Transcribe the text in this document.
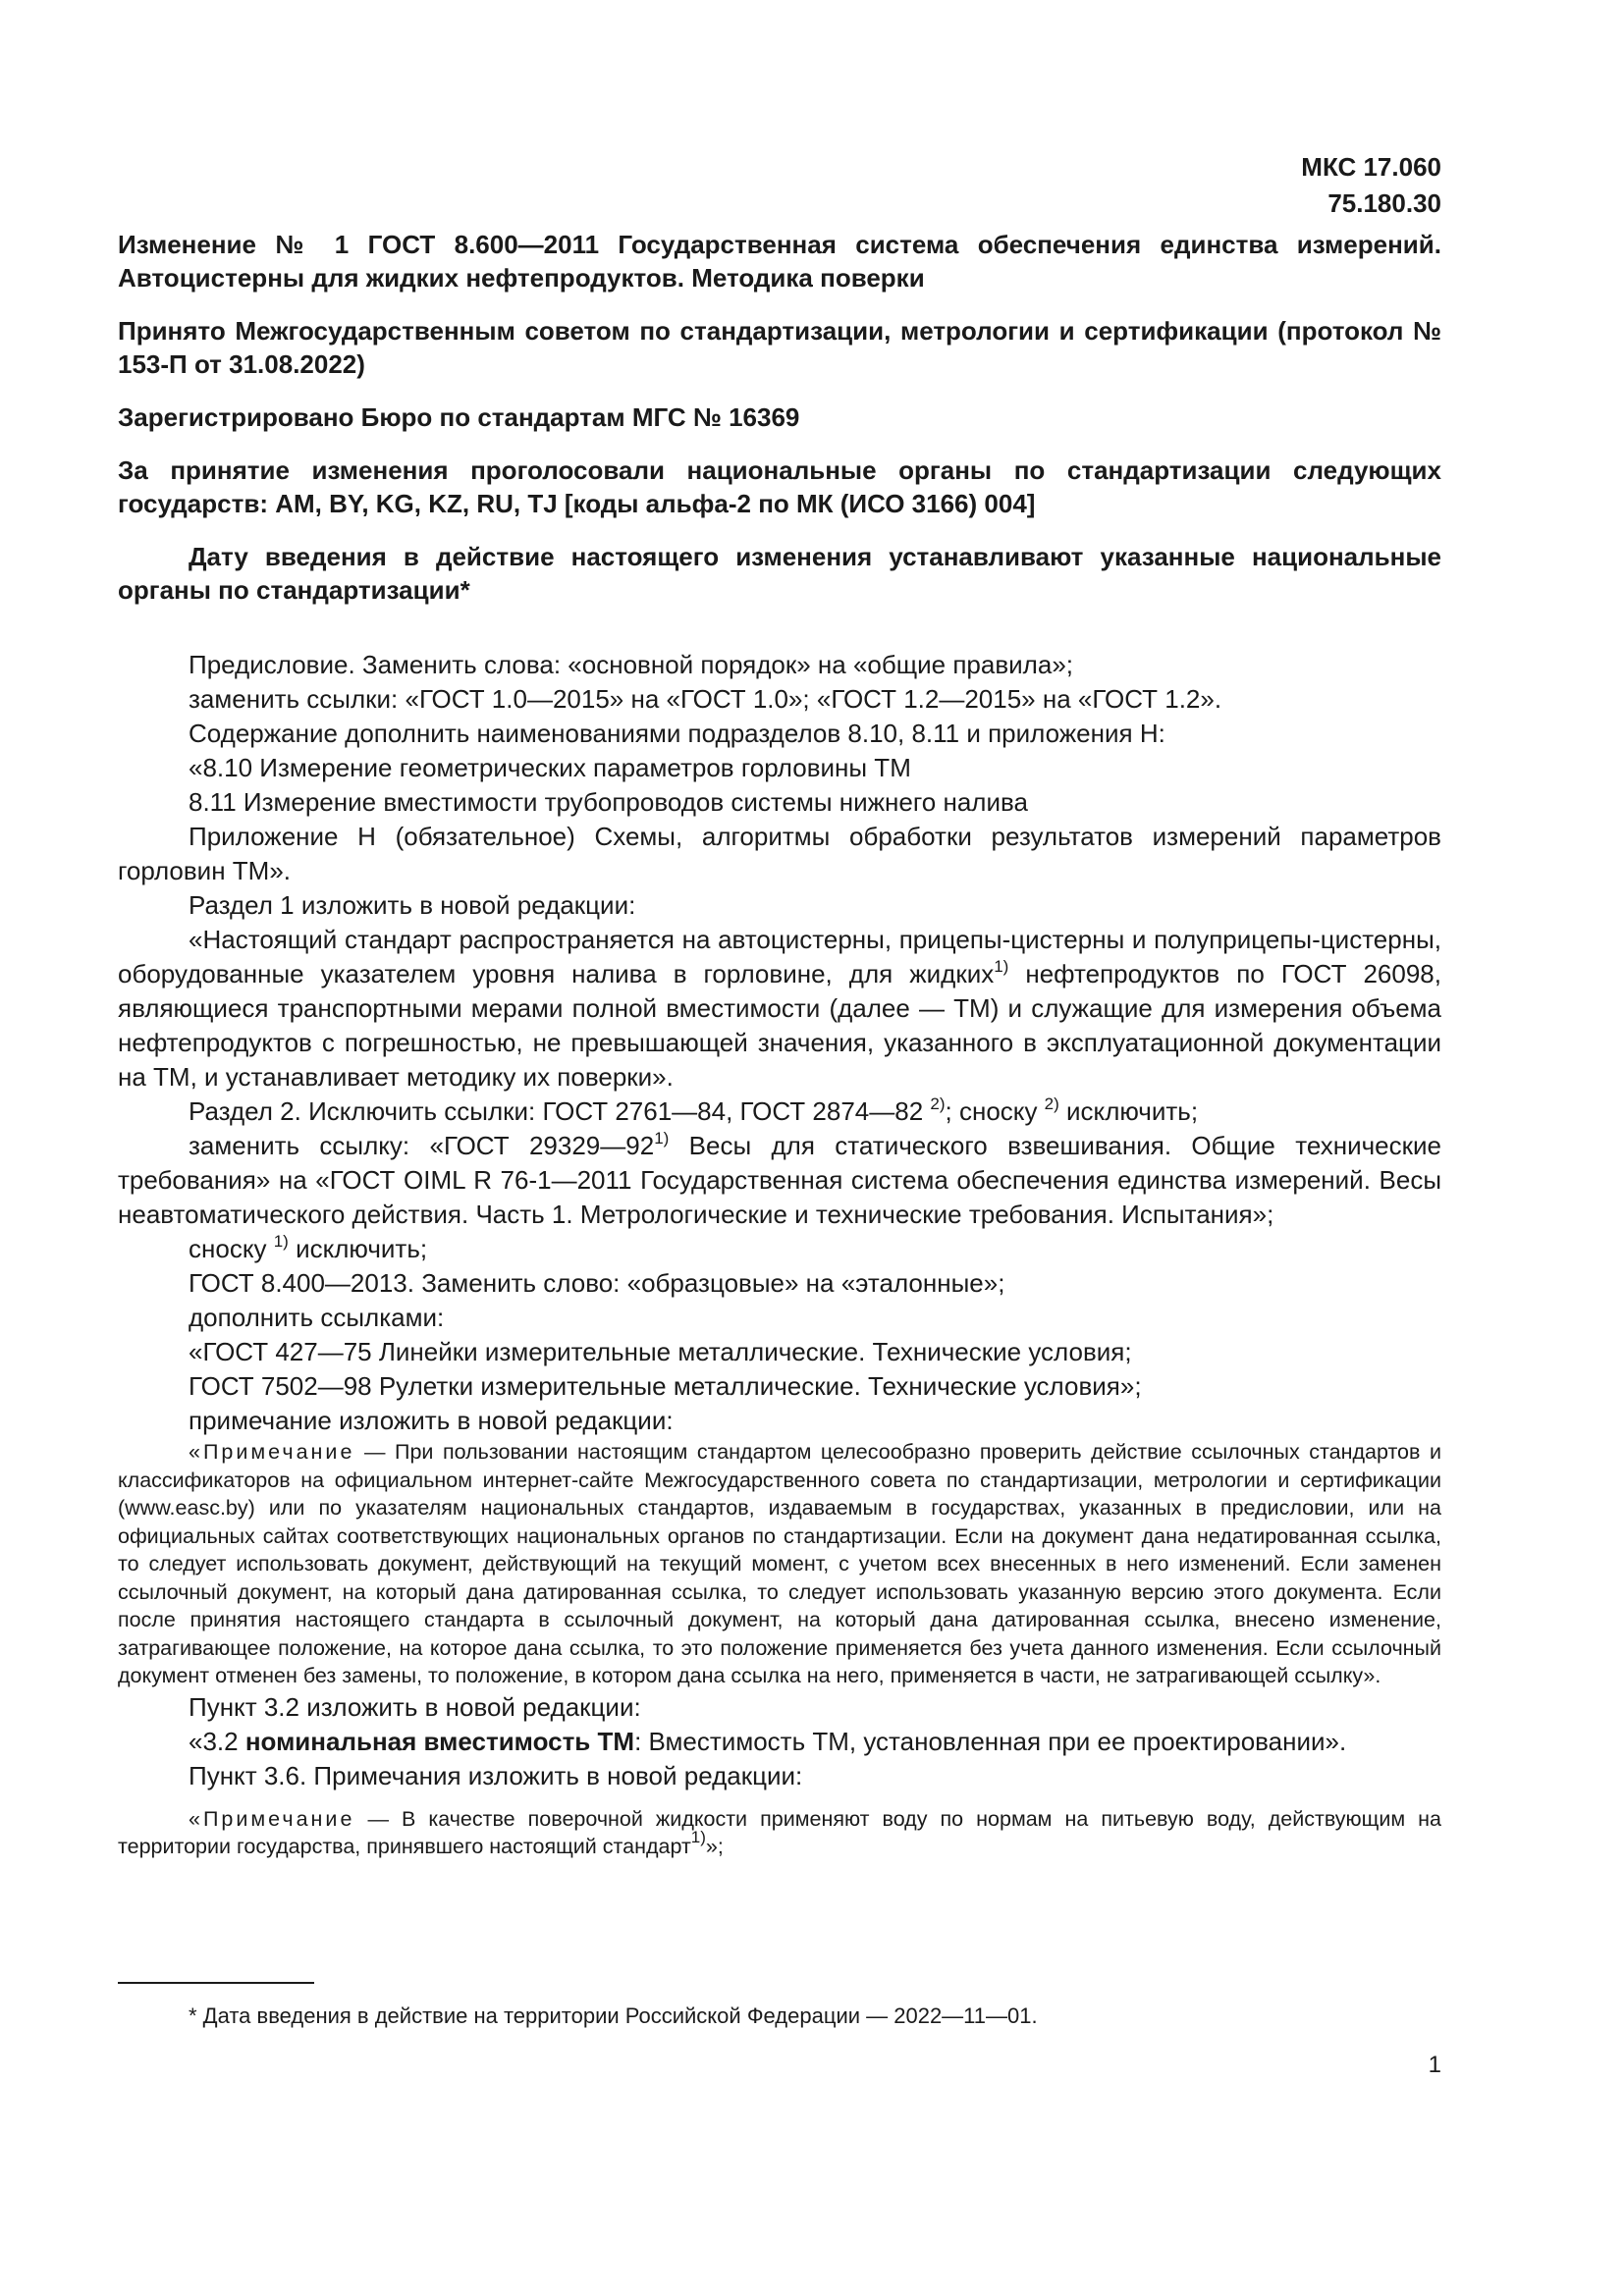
МКС 17.060
75.180.30

Изменение № 1 ГОСТ 8.600—2011 Государственная система обеспечения единства измерений. Автоцистерны для жидких нефтепродуктов. Методика поверки

Принято Межгосударственным советом по стандартизации, метрологии и сертификации (протокол № 153-П от 31.08.2022)

Зарегистрировано Бюро по стандартам МГС № 16369

За принятие изменения проголосовали национальные органы по стандартизации следующих государств: AM, BY, KG, KZ, RU, TJ [коды альфа-2 по МК (ИСО 3166) 004]

Дату введения в действие настоящего изменения устанавливают указанные национальные органы по стандартизации*

Предисловие. Заменить слова: «основной порядок» на «общие правила»;

заменить ссылки: «ГОСТ 1.0—2015» на «ГОСТ 1.0»; «ГОСТ 1.2—2015» на «ГОСТ 1.2».

Содержание дополнить наименованиями подразделов 8.10, 8.11 и приложения Н:

«8.10 Измерение геометрических параметров горловины ТМ

8.11 Измерение вместимости трубопроводов системы нижнего налива

Приложение Н (обязательное) Схемы, алгоритмы обработки результатов измерений параметров горловин ТМ».

Раздел 1 изложить в новой редакции:

«Настоящий стандарт распространяется на автоцистерны, прицепы-цистерны и полуприцепы-цистерны, оборудованные указателем уровня налива в горловине, для жидких$^{1)}$ нефтепродуктов по ГОСТ 26098, являющиеся транспортными мерами полной вместимости (далее — ТМ) и служащие для измерения объема нефтепродуктов с погрешностью, не превышающей значения, указанного в эксплуатационной документации на ТМ, и устанавливает методику их поверки».

Раздел 2. Исключить ссылки: ГОСТ 2761—84, ГОСТ 2874—82 $^{2)}$; сноску $^{2)}$ исключить;

заменить ссылку: «ГОСТ 29329—92$^{1)}$ Весы для статического взвешивания. Общие технические требования» на «ГОСТ OIML R 76-1—2011 Государственная система обеспечения единства измерений. Весы неавтоматического действия. Часть 1. Метрологические и технические требования. Испытания»;

сноску $^{1)}$ исключить;

ГОСТ 8.400—2013. Заменить слово: «образцовые» на «эталонные»;

дополнить ссылками:

«ГОСТ 427—75 Линейки измерительные металлические. Технические условия;

ГОСТ 7502—98 Рулетки измерительные металлические. Технические условия»;

примечание изложить в новой редакции:

«Примечание — При пользовании настоящим стандартом целесообразно проверить действие ссылочных стандартов и классификаторов на официальном интернет-сайте Межгосударственного совета по стандартизации, метрологии и сертификации (www.easc.by) или по указателям национальных стандартов, издаваемым в государствах, указанных в предисловии, или на официальных сайтах соответствующих национальных органов по стандартизации. Если на документ дана недатированная ссылка, то следует использовать документ, действующий на текущий момент, с учетом всех внесенных в него изменений. Если заменен ссылочный документ, на который дана датированная ссылка, то следует использовать указанную версию этого документа. Если после принятия настоящего стандарта в ссылочный документ, на который дана датированная ссылка, внесено изменение, затрагивающее положение, на которое дана ссылка, то это положение применяется без учета данного изменения. Если ссылочный документ отменен без замены, то положение, в котором дана ссылка на него, применяется в части, не затрагивающей ссылку».

Пункт 3.2 изложить в новой редакции:

«3.2 номинальная вместимость ТМ: Вместимость ТМ, установленная при ее проектировании».

Пункт 3.6. Примечания изложить в новой редакции:

«Примечание — В качестве поверочной жидкости применяют воду по нормам на питьевую воду, действующим на территории государства, принявшего настоящий стандарт$^{1)}$»;

* Дата введения в действие на территории Российской Федерации — 2022—11—01.
1
